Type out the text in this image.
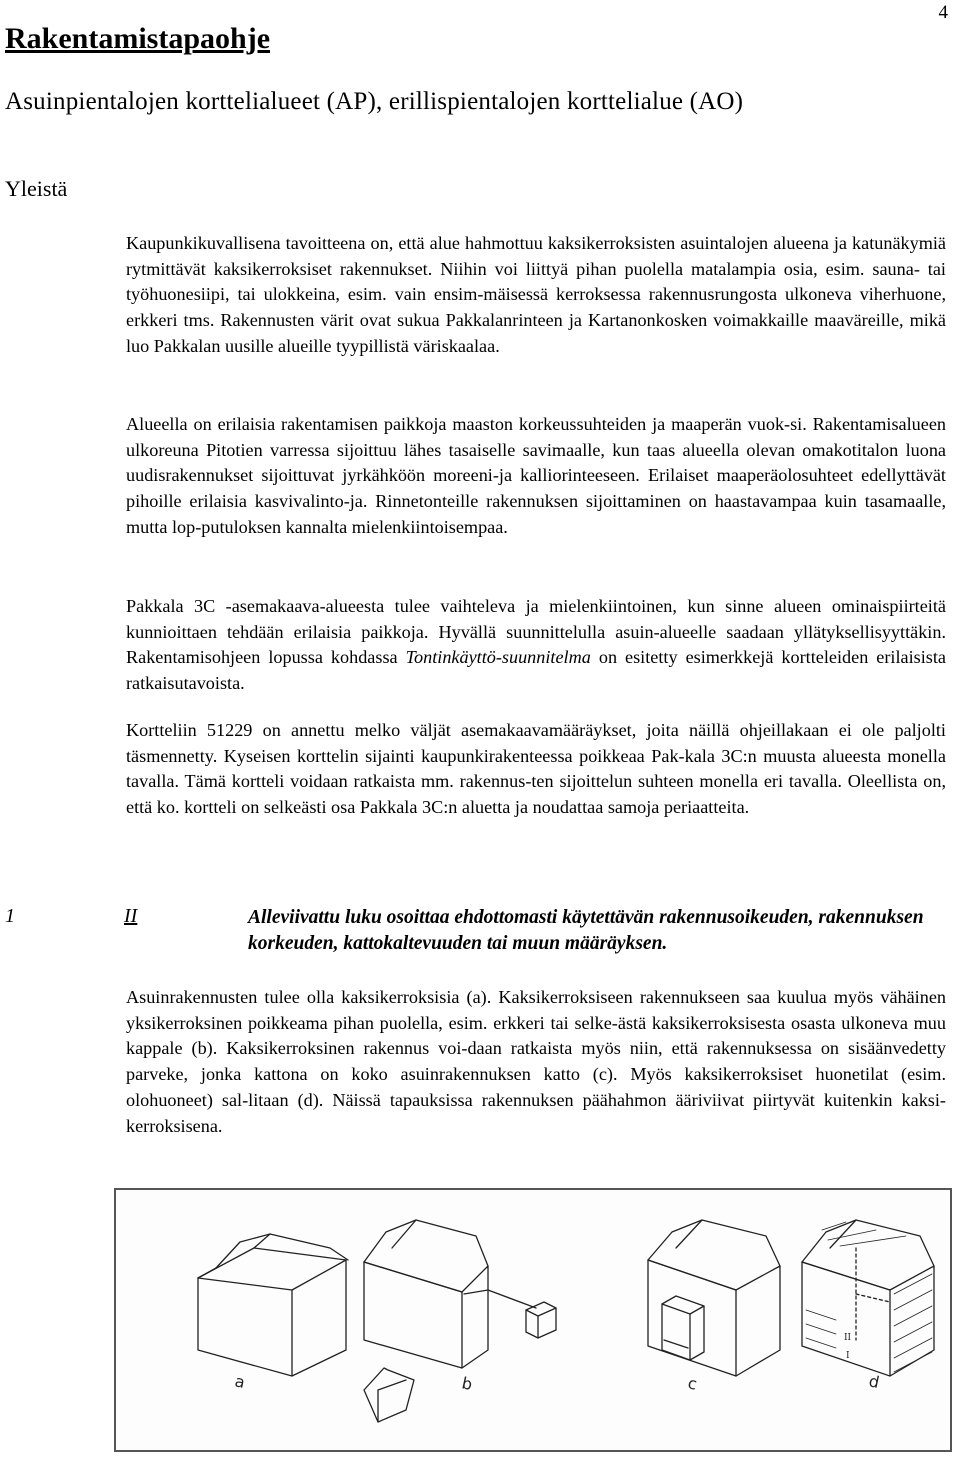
4
Rakentamistapaohje
Asuinpientalojen korttelialueet (AP), erillispientalojen korttelialue (AO)
Yleistä
Kaupunkikuvallisena tavoitteena on, että alue hahmottuu kaksikerroksisten asuintalojen alueena ja katunäkymiä rytmittävät kaksikerroksiset rakennukset. Niihin voi liittyä pihan puolella matalampia osia, esim. sauna- tai työhuonesiipi, tai ulokkeina, esim. vain ensim-mäisessä kerroksessa rakennusrungosta ulkoneva viherhuone, erkkeri tms. Rakennusten värit ovat sukua Pakkalanrinteen ja Kartanonkosken voimakkaille maaväreille, mikä luo Pakkalan uusille alueille tyypillistä väriskaalaa.
Alueella on erilaisia rakentamisen paikkoja maaston korkeussuhteiden ja maaperän vuok-si. Rakentamisalueen ulkoreuna Pitotien varressa sijoittuu lähes tasaiselle savimaalle, kun taas alueella olevan omakotitalon luona uudisrakennukset sijoittuvat jyrkähköön moreeni-ja kalliorinteeseen. Erilaiset maaperäolosuhteet edellyttävät pihoille erilaisia kasvivalinto-ja. Rinnetonteille rakennuksen sijoittaminen on haastavampaa kuin tasamaalle, mutta lop-putuloksen kannalta mielenkiintoisempaa.
Pakkala 3C -asemakaava-alueesta tulee vaihteleva ja mielenkiintoinen, kun sinne alueen ominaispiirteitä kunnioittaen tehdään erilaisia paikkoja. Hyvällä suunnittelulla asuin-alueelle saadaan yllätyksellisyyttäkin. Rakentamisohjeen lopussa kohdassa Tontinkäyttö-suunnitelma on esitetty esimerkkejä kortteleiden erilaisista ratkaisutavoista.
Kortteliin 51229 on annettu melko väljät asemakaavamääräykset, joita näillä ohjeillakaan ei ole paljolti täsmennetty. Kyseisen korttelin sijainti kaupunkirakenteessa poikkeaa Pak-kala 3C:n muusta alueesta monella tavalla. Tämä kortteli voidaan ratkaista mm. rakennus-ten sijoittelun suhteen monella eri tavalla. Oleellista on, että ko. kortteli on selkeästi osa Pakkala 3C:n aluetta ja noudattaa samoja periaatteita.
1	II	Alleviivattu luku osoittaa ehdottomasti käytettävän rakennusoikeuden, rakennuksen korkeuden, kattokaltevuuden tai muun määräyksen.
Asuinrakennusten tulee olla kaksikerroksisia (a). Kaksikerroksiseen rakennukseen saa kuulua myös vähäinen yksikerroksinen poikkeama pihan puolella, esim. erkkeri tai selke-ästä kaksikerroksisesta osasta ulkoneva muu kappale (b). Kaksikerroksinen rakennus voi-daan ratkaista myös niin, että rakennuksessa on sisäänvedetty parveke, jonka kattona on koko asuinrakennuksen katto (c). Myös kaksikerroksiset huonetilat (esim. olohuoneet) sal-litaan (d). Näissä tapauksissa rakennuksen päähahmon ääriviivat piirtyvät kuitenkin kaksi-kerroksisena.
a	b	c	d
II
I
